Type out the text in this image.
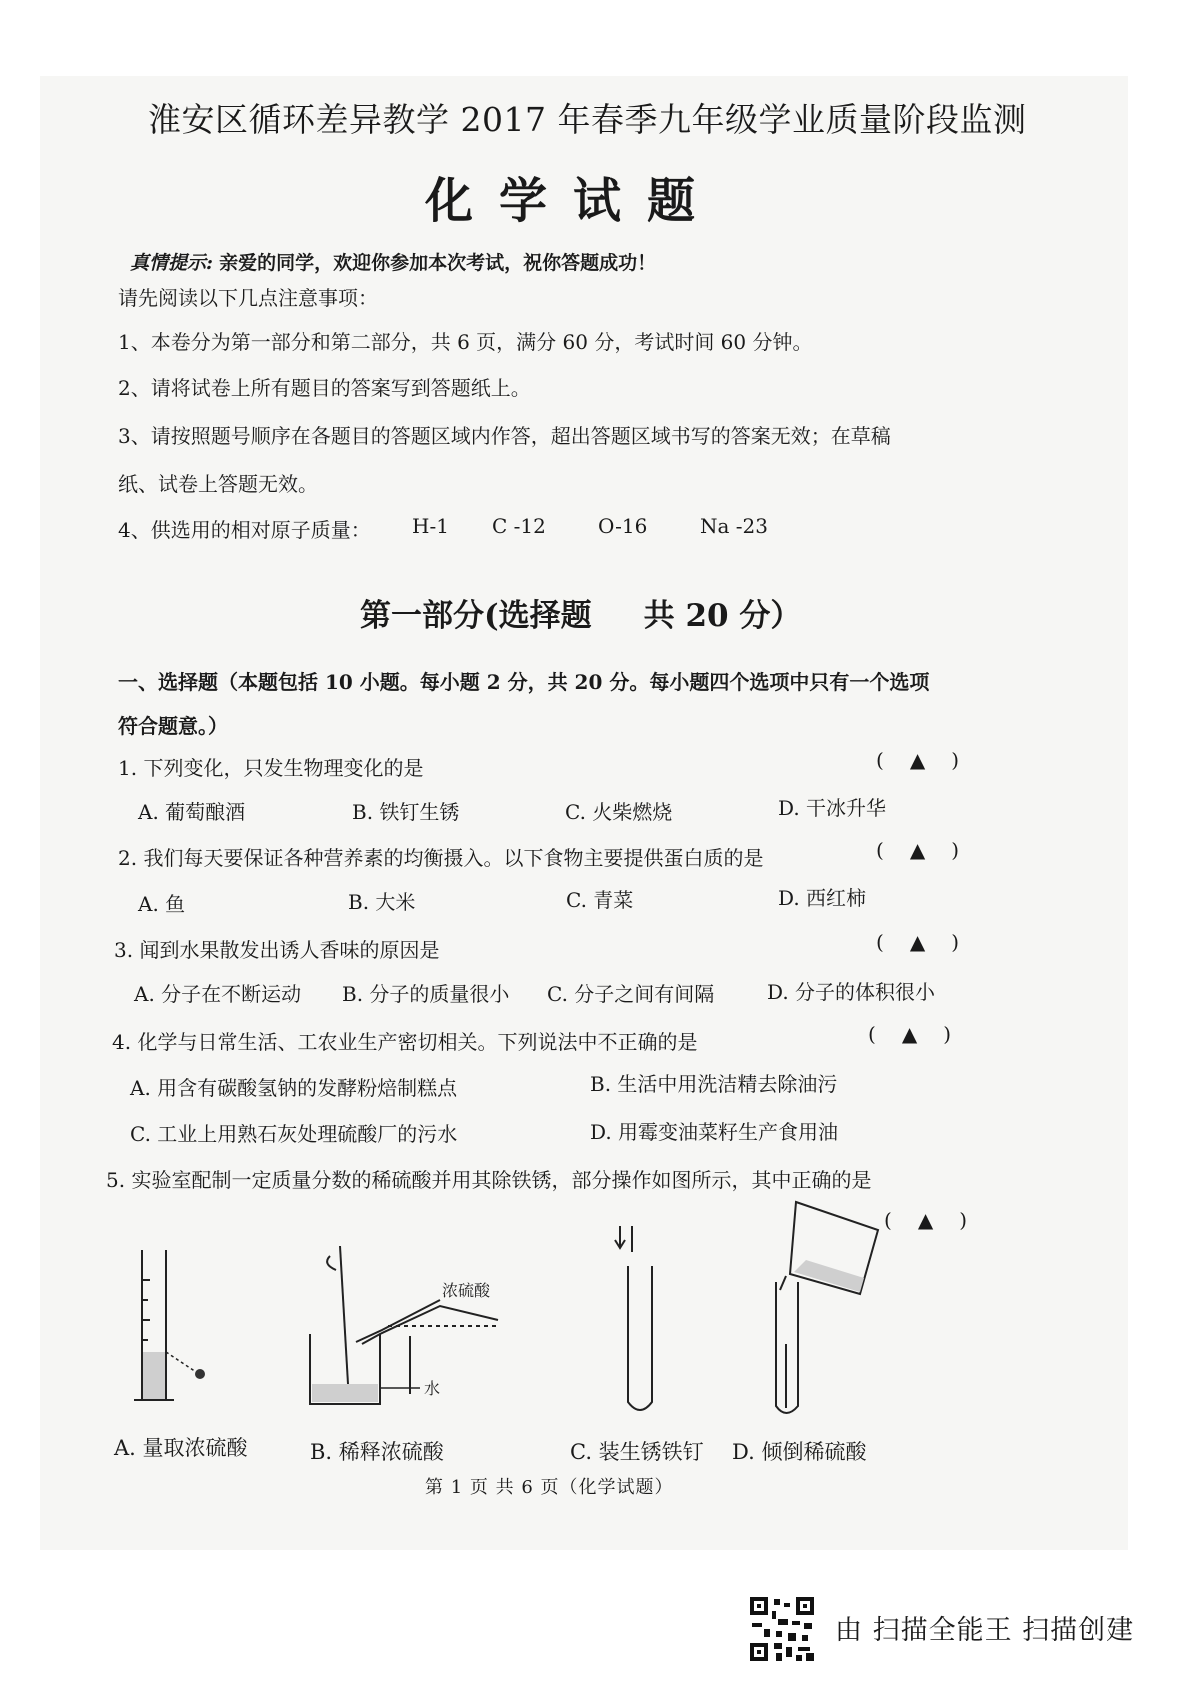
淮安区循环差异教学 2017 年春季九年级学业质量阶段监测
化学试题
真情提示: 亲爱的同学，欢迎你参加本次考试，祝你答题成功！
请先阅读以下几点注意事项：
1、本卷分为第一部分和第二部分，共 6 页，满分 60 分，考试时间 60 分钟。
2、请将试卷上所有题目的答案写到答题纸上。
3、请按照题号顺序在各题目的答题区域内作答，超出答题区域书写的答案无效；在草稿
纸、试卷上答题无效。
4、供选用的相对原子质量： H-1 C -12	O-16	Na -23
第一部分(选择题 共 20 分）
一、选择题（本题包括 10 小题。每小题 2 分，共 20 分。每小题四个选项中只有一个选项
符合题意。）
1. 下列变化，只发生物理变化的是	( ▲ )
A. 葡萄酿酒	B. 铁钉生锈	C. 火柴燃烧	D. 干冰升华
2. 我们每天要保证各种营养素的均衡摄入。以下食物主要提供蛋白质的是	( ▲ )
A. 鱼	B. 大米	C. 青菜	D. 西红柿
3. 闻到水果散发出诱人香味的原因是	( ▲ )
A. 分子在不断运动 B. 分子的质量很小 C. 分子之间有间隔	D. 分子的体积很小
4. 化学与日常生活、工农业生产密切相关。下列说法中不正确的是	( ▲ )
A. 用含有碳酸氢钠的发酵粉焙制糕点	B. 生活中用洗洁精去除油污
C. 工业上用熟石灰处理硫酸厂的污水	D. 用霉变油菜籽生产食用油
5. 实验室配制一定质量分数的稀硫酸并用其除铁锈，部分操作如图所示，其中正确的是
( ▲ )
A. 量取浓硫酸
水
浓硫酸
B. 稀释浓硫酸	C. 装生锈铁钉 D. 倾倒稀硫酸
第 1 页 共 6 页（化学试题）
由 扫描全能王 扫描创建
